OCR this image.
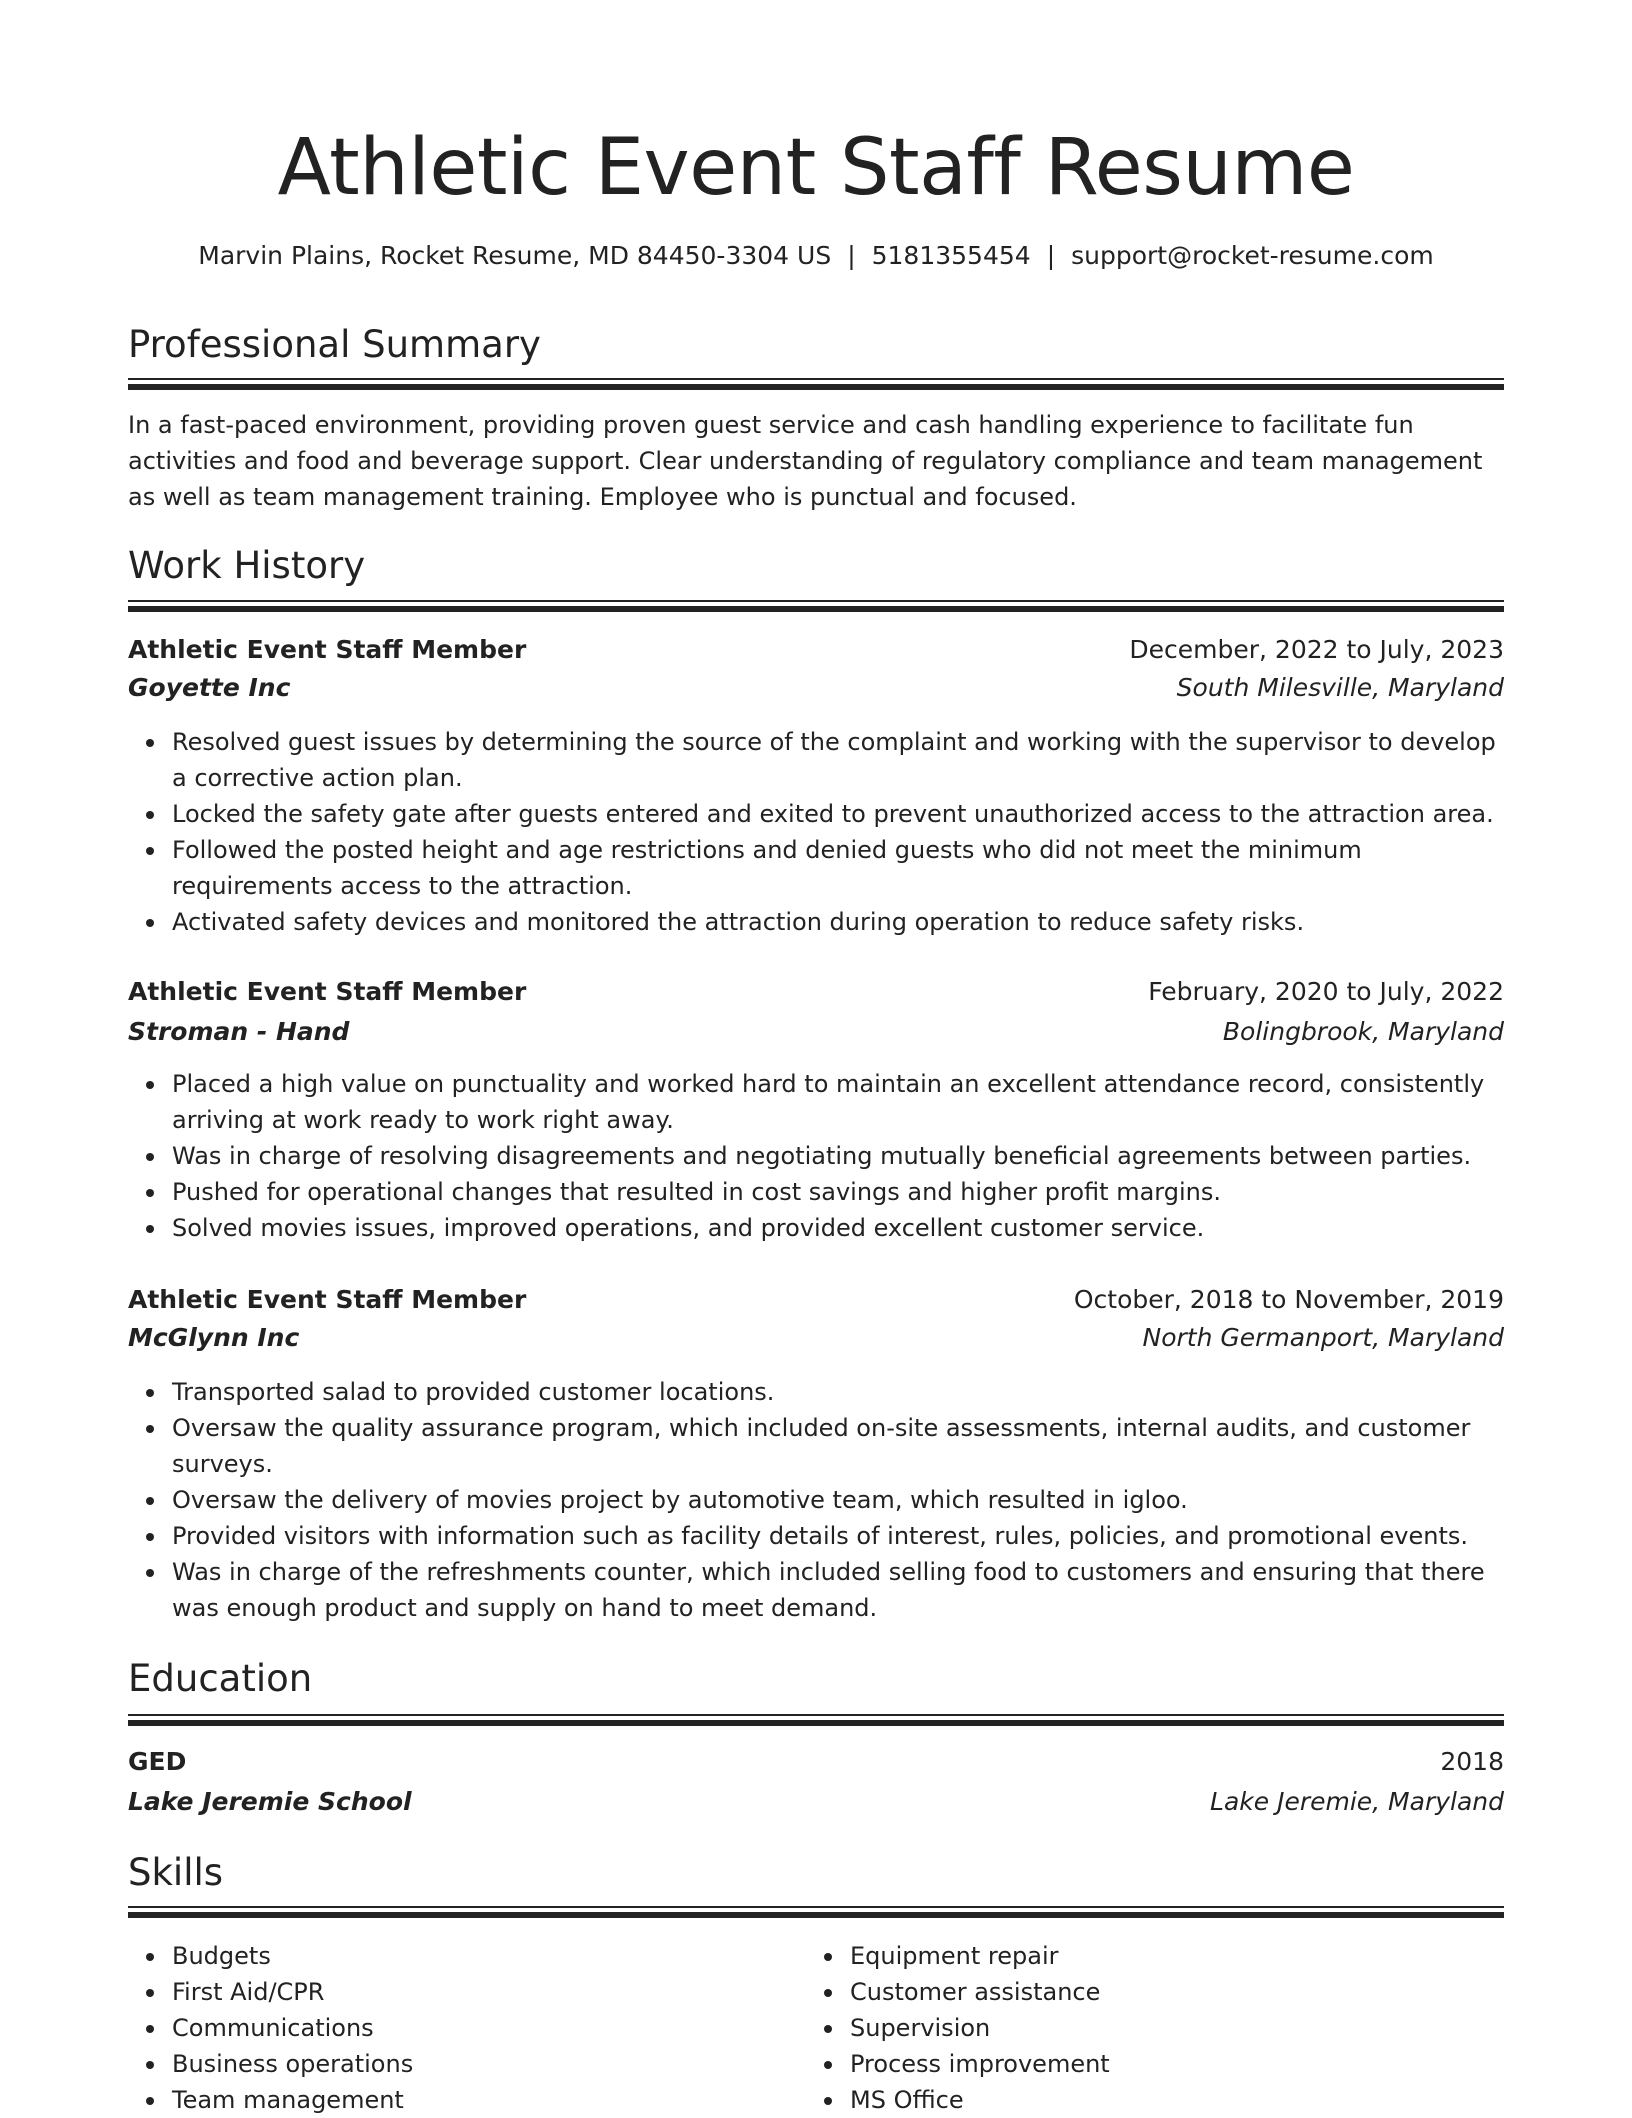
Athletic Event Staff Resume
Marvin Plains, Rocket Resume, MD 84450-3304 US | 5181355454 | support@rocket-resume.com
Professional Summary
In a fast-paced environment, providing proven guest service and cash handling experience to facilitate fun activities and food and beverage support. Clear understanding of regulatory compliance and team management as well as team management training. Employee who is punctual and focused.
Work History
Athletic Event Staff Member	December, 2022 to July, 2023
Goyette Inc	South Milesville, Maryland
Resolved guest issues by determining the source of the complaint and working with the supervisor to develop a corrective action plan.
Locked the safety gate after guests entered and exited to prevent unauthorized access to the attraction area.
Followed the posted height and age restrictions and denied guests who did not meet the minimum requirements access to the attraction.
Activated safety devices and monitored the attraction during operation to reduce safety risks.
Athletic Event Staff Member	February, 2020 to July, 2022
Stroman - Hand	Bolingbrook, Maryland
Placed a high value on punctuality and worked hard to maintain an excellent attendance record, consistently arriving at work ready to work right away.
Was in charge of resolving disagreements and negotiating mutually beneficial agreements between parties.
Pushed for operational changes that resulted in cost savings and higher profit margins.
Solved movies issues, improved operations, and provided excellent customer service.
Athletic Event Staff Member	October, 2018 to November, 2019
McGlynn Inc	North Germanport, Maryland
Transported salad to provided customer locations.
Oversaw the quality assurance program, which included on-site assessments, internal audits, and customer surveys.
Oversaw the delivery of movies project by automotive team, which resulted in igloo.
Provided visitors with information such as facility details of interest, rules, policies, and promotional events.
Was in charge of the refreshments counter, which included selling food to customers and ensuring that there was enough product and supply on hand to meet demand.
Education
GED	2018
Lake Jeremie School	Lake Jeremie, Maryland
Skills
Budgets
First Aid/CPR
Communications
Business operations
Team management
Equipment repair
Customer assistance
Supervision
Process improvement
MS Office
